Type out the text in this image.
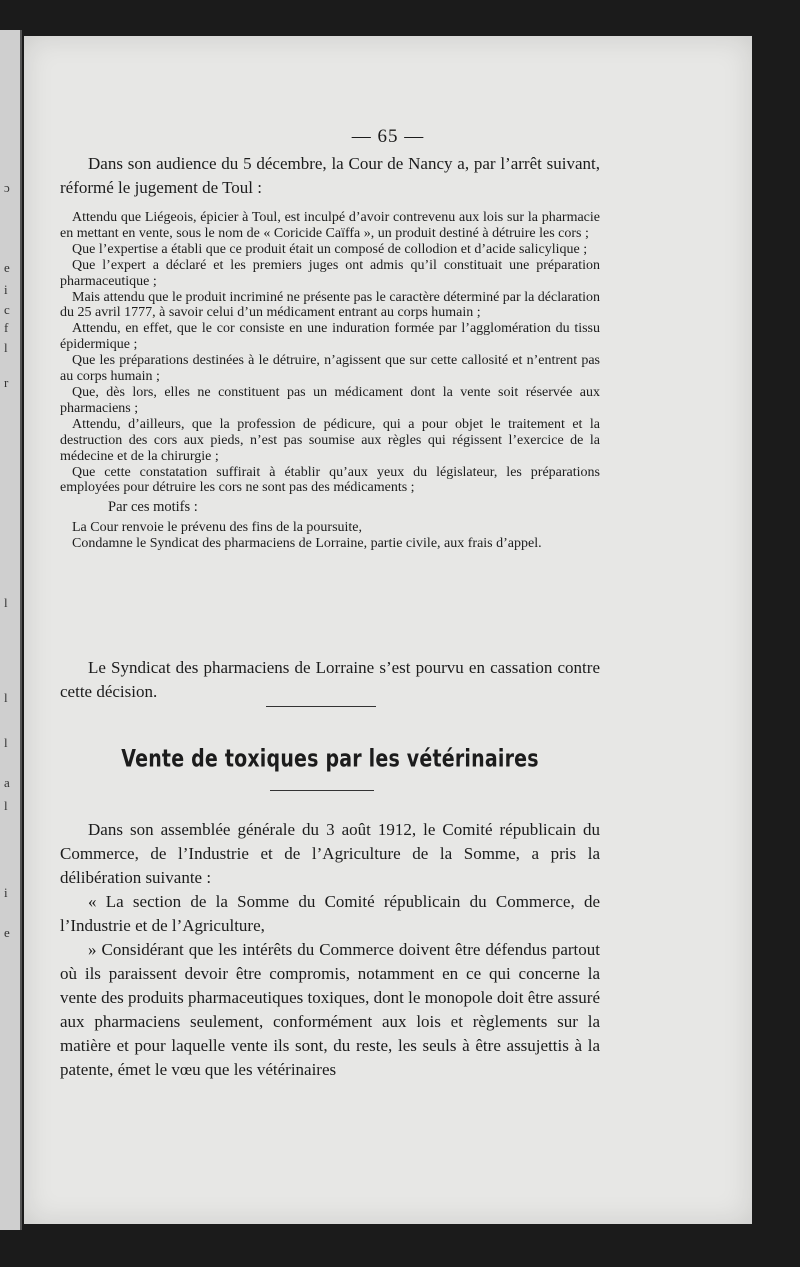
ɔ
e
i
c
f
l
r
l
l
l
a
l
i
e
— 65 —

Dans son audience du 5 décembre, la Cour de Nancy a, par l’arrêt suivant, réformé le jugement de Toul :

Attendu que Liégeois, épicier à Toul, est inculpé d’avoir contrevenu aux lois sur la pharmacie en mettant en vente, sous le nom de « Coricide Caïffa », un produit destiné à détruire les cors ;

Que l’expertise a établi que ce produit était un composé de collodion et d’acide salicylique ;

Que l’expert a déclaré et les premiers juges ont admis qu’il constituait une préparation pharmaceutique ;

Mais attendu que le produit incriminé ne présente pas le caractère déterminé par la déclaration du 25 avril 1777, à savoir celui d’un médicament entrant au corps humain ;

Attendu, en effet, que le cor consiste en une induration formée par l’agglomération du tissu épidermique ;

Que les préparations destinées à le détruire, n’agissent que sur cette callosité et n’entrent pas au corps humain ;

Que, dès lors, elles ne constituent pas un médicament dont la vente soit réservée aux pharmaciens ;

Attendu, d’ailleurs, que la profession de pédicure, qui a pour objet le traitement et la destruction des cors aux pieds, n’est pas soumise aux règles qui régissent l’exercice de la médecine et de la chirurgie ;

Que cette constatation suffirait à établir qu’aux yeux du législateur, les préparations employées pour détruire les cors ne sont pas des médicaments ;

Par ces motifs :

La Cour renvoie le prévenu des fins de la poursuite,

Condamne le Syndicat des pharmaciens de Lorraine, partie civile, aux frais d’appel.

Le Syndicat des pharmaciens de Lorraine s’est pourvu en cassation contre cette décision.

Vente de toxiques par les vétérinaires

Dans son assemblée générale du 3 août 1912, le Comité républicain du Commerce, de l’Industrie et de l’Agriculture de la Somme, a pris la délibération suivante :

« La section de la Somme du Comité républicain du Commerce, de l’Industrie et de l’Agriculture,

» Considérant que les intérêts du Commerce doivent être défendus partout où ils paraissent devoir être compromis, notamment en ce qui concerne la vente des produits pharmaceutiques toxiques, dont le monopole doit être assuré aux pharmaciens seulement, conformément aux lois et règlements sur la matière et pour laquelle vente ils sont, du reste, les seuls à être assujettis à la patente, émet le vœu que les vétérinaires
